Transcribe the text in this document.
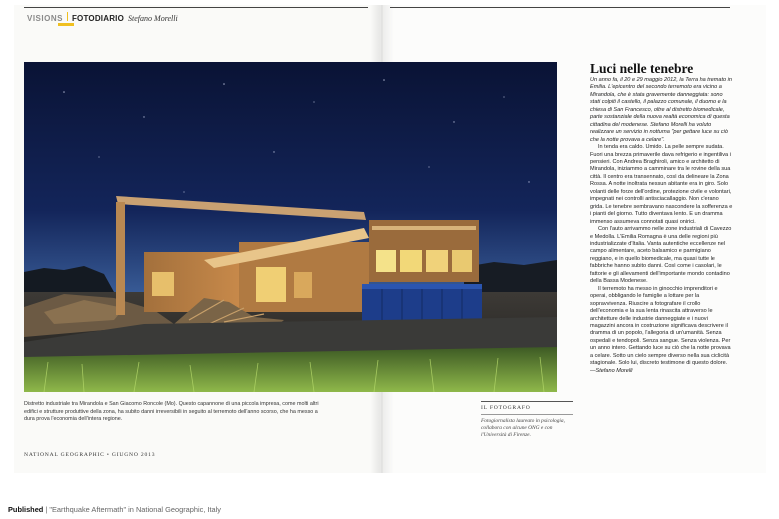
VISIONS FOTODIARIO Stefano Morelli
Distretto industriale tra Mirandola e San Giacomo Roncole (Mo). Questo capannone di una piccola impresa, come molti altri edifici e strutture produttive della zona, ha subito danni irreversibili in seguito al terremoto dell'anno scorso, che ha messo a dura prova l'economia dell'intera regione.
NATIONAL GEOGRAPHIC • GIUGNO 2013
IL FOTOGRAFO
Fotogiornalista laureato in psicologia, collabora con alcune ONG e con l'Università di Firenze.
Luci nelle tenebre
Un anno fa, il 20 e 29 maggio 2012, la Terra ha tremato in Emilia. L'epicentro del secondo terremoto era vicino a Mirandola, che è stata gravemente danneggiata: sono stati colpiti il castello, il palazzo comunale, il duomo e la chiesa di San Francesco, oltre al distretto biomedicale, parte sostanziale della nuova realtà economica di questa cittadina del modenese. Stefano Morelli ha voluto realizzare un servizio in notturna "per gettare luce su ciò che la notte provava a celare".

In tenda era caldo. Umido. La pelle sempre sudata. Fuori una brezza primaverile dava refrigerio e ingentiliva i pensieri. Con Andrea Braghiroli, amico e architetto di Mirandola, iniziammo a camminare tra le rovine della sua città. Il centro era transennato, così da delineare la Zona Rossa. A notte inoltrata nessun abitante era in giro. Solo volanti delle forze dell'ordine, protezione civile e volontari, impegnati nei controlli antisciacallaggio. Non c'erano grida. Le tenebre sembravano nascondere la sofferenza e i pianti del giorno. Tutto diventava lento. E un dramma immenso assumeva connotati quasi onirici.

Con l'auto arrivammo nelle zone industriali di Cavezzo e Medolla. L'Emilia Romagna è una delle regioni più industrializzate d'Italia. Vanta autentiche eccellenze nel campo alimentare, aceto balsamico e parmigiano reggiano, e in quello biomedicale, ma quasi tutte le fabbriche hanno subito danni. Così come i casolari, le fattorie e gli allevamenti dell'importante mondo contadino della Bassa Modenese.

Il terremoto ha messo in ginocchio imprenditori e operai, obbligando le famiglie a lottare per la sopravvivenza. Riuscire a fotografare il crollo dell'economia e la sua lenta rinascita attraverso le architetture delle industrie danneggiate e i nuovi magazzini ancora in costruzione significava descrivere il dramma di un popolo, l'allegoria di un'umanità. Senza ospedali e tendopoli. Senza sangue. Senza violenza. Per un anno intero. Gettando luce su ciò che la notte provava a celare. Sotto un cielo sempre diverso nella sua ciclicità stagionale. Solo lui, discreto testimone di questo dolore. —Stefano Morelli

Published | "Earthquake Aftermath" in National Geographic, Italy
